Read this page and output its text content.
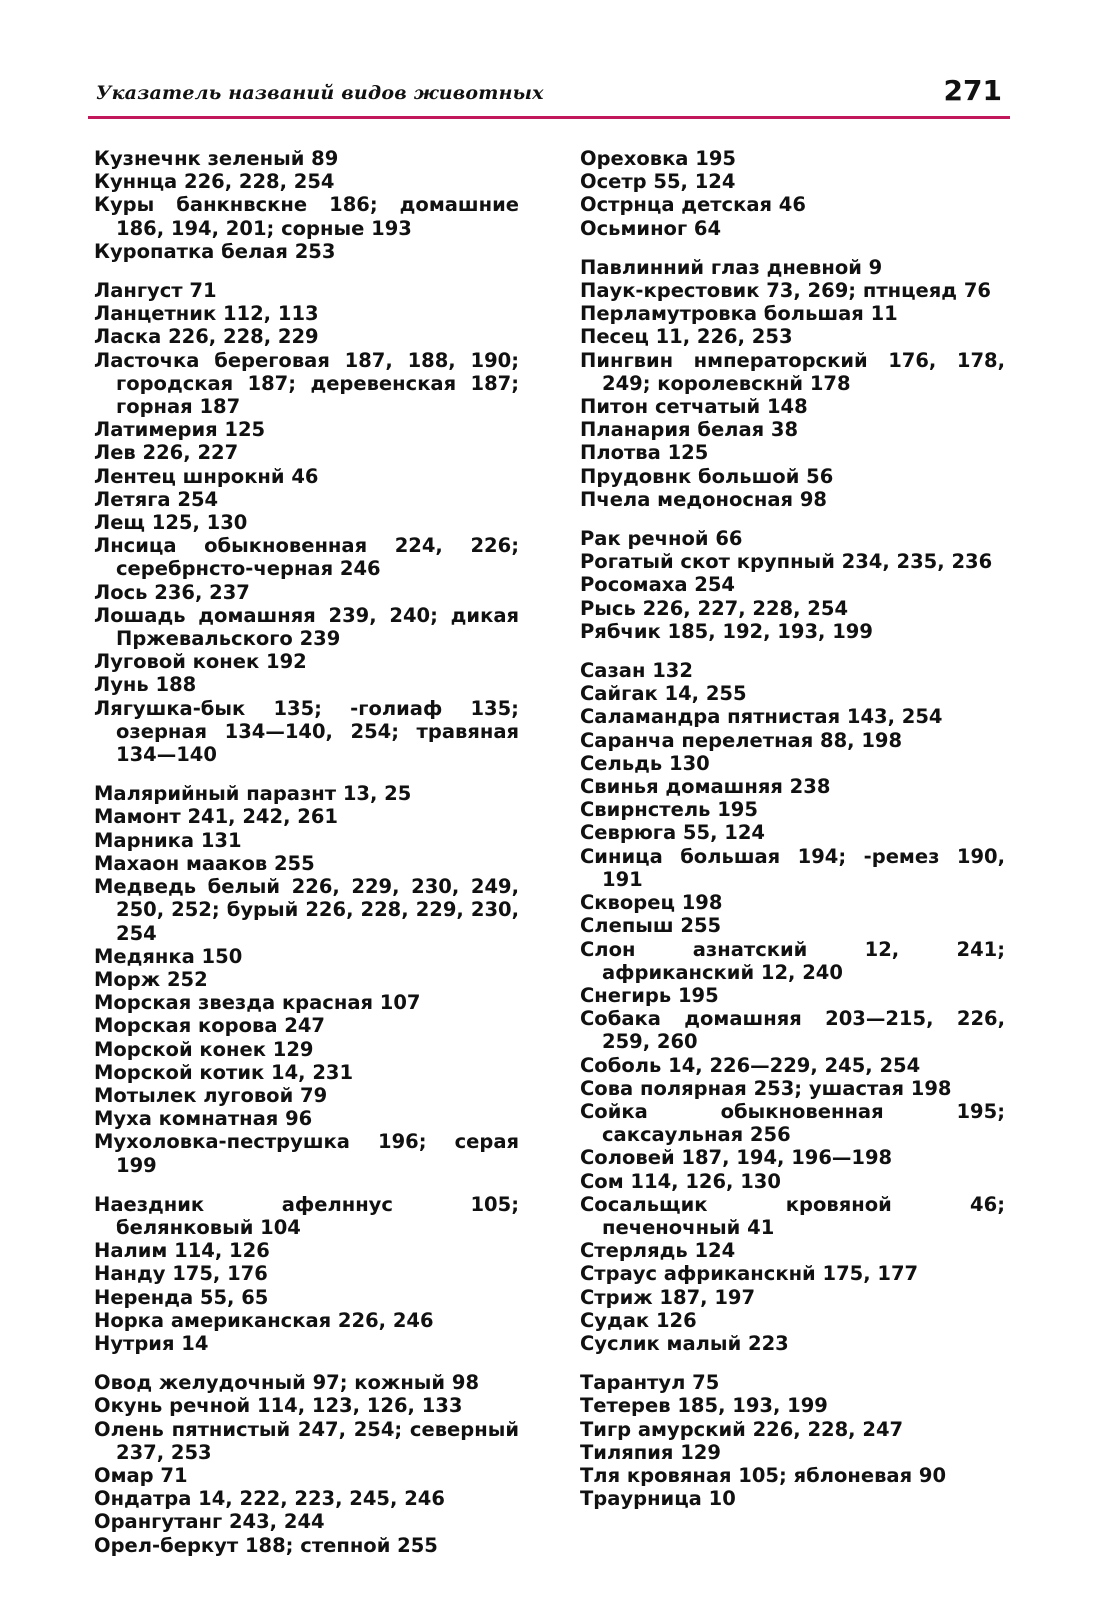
Указатель названий видов животных	271
Кузнечнк зеленый 89
Куннца 226, 228, 254
Куры банкнвскне 186; домашние 186, 194, 201; сорные 193
Куропатка белая 253
Лангуст 71
Ланцетник 112, 113
Ласка 226, 228, 229
Ласточка береговая 187, 188, 190; городская 187; деревенская 187; горная 187
Латимерия 125
Лев 226, 227
Лентец шнрокнй 46
Летяга 254
Лещ 125, 130
Лнсица обыкновенная 224, 226; серебрнсто-черная 246
Лось 236, 237
Лошадь домашняя 239, 240; дикая Пржевальского 239
Луговой конек 192
Лунь 188
Лягушка-бык 135; -голиаф 135; озерная 134—140, 254; травяная 134—140
Малярийный паразнт 13, 25
Мамонт 241, 242, 261
Марника 131
Махаон мааков 255
Медведь белый 226, 229, 230, 249, 250, 252; бурый 226, 228, 229, 230, 254
Медянка 150
Морж 252
Морская звезда красная 107
Морская корова 247
Морской конек 129
Морской котик 14, 231
Мотылек луговой 79
Муха комнатная 96
Мухоловка-пеструшка 196; серая 199
Наездник афелннус 105; белянковый 104
Налим 114, 126
Нанду 175, 176
Неренда 55, 65
Норка американская 226, 246
Нутрия 14
Овод желудочный 97; кожный 98
Окунь речной 114, 123, 126, 133
Олень пятнистый 247, 254; северный 237, 253
Омар 71
Ондатра 14, 222, 223, 245, 246
Орангутанг 243, 244
Орел-беркут 188; степной 255
Ореховка 195
Осетр 55, 124
Острнца детская 46
Осьминог 64
Павлинний глаз дневной 9
Паук-крестовик 73, 269; птнцеяд 76
Перламутровка большая 11
Песец 11, 226, 253
Пингвин нмператорский 176, 178, 249; королевскнй 178
Питон сетчатый 148
Планария белая 38
Плотва 125
Прудовнк большой 56
Пчела медоносная 98
Рак речной 66
Рогатый скот крупный 234, 235, 236
Росомаха 254
Рысь 226, 227, 228, 254
Рябчик 185, 192, 193, 199
Сазан 132
Сайгак 14, 255
Саламандра пятнистая 143, 254
Саранча перелетная 88, 198
Сельдь 130
Свинья домашняя 238
Свирнстель 195
Севрюга 55, 124
Синица большая 194; -ремез 190, 191
Скворец 198
Слепыш 255
Слон азнатский 12, 241; африканский 12, 240
Снегирь 195
Собака домашняя 203—215, 226, 259, 260
Соболь 14, 226—229, 245, 254
Сова полярная 253; ушастая 198
Сойка обыкновенная 195; саксаульная 256
Соловей 187, 194, 196—198
Сом 114, 126, 130
Сосальщик кровяной 46; печеночный 41
Стерлядь 124
Страус африканскнй 175, 177
Стриж 187, 197
Судак 126
Суслик малый 223
Тарантул 75
Тетерев 185, 193, 199
Тигр амурский 226, 228, 247
Тиляпия 129
Тля кровяная 105; яблоневая 90
Траурница 10
